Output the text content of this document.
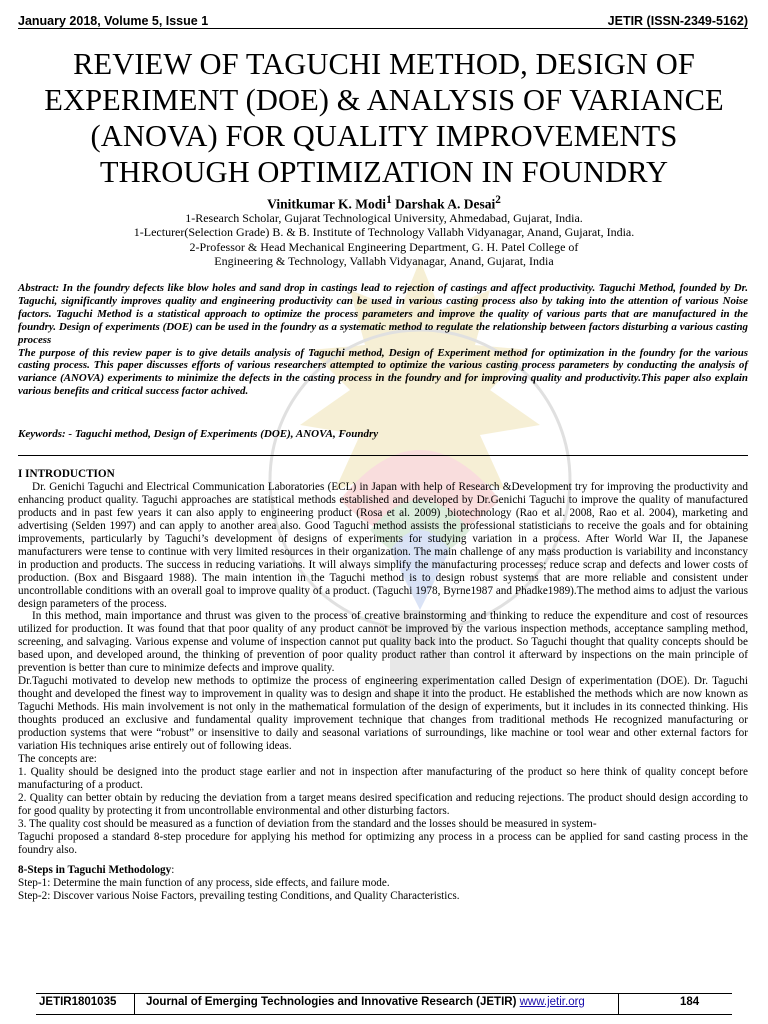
January 2018, Volume 5, Issue 1	JETIR (ISSN-2349-5162)
REVIEW OF TAGUCHI METHOD, DESIGN OF
EXPERIMENT (DOE) & ANALYSIS OF VARIANCE
(ANOVA) FOR QUALITY IMPROVEMENTS
THROUGH OPTIMIZATION IN FOUNDRY
Vinitkumar K. Modi$^1$ Darshak A. Desai$^2$
1-Research Scholar, Gujarat Technological University, Ahmedabad, Gujarat, India.
1-Lecturer(Selection Grade) B. & B. Institute of Technology Vallabh Vidyanagar, Anand, Gujarat, India.
2-Professor & Head Mechanical Engineering Department, G. H. Patel College of
Engineering & Technology, Vallabh Vidyanagar, Anand, Gujarat, India

Abstract: In the foundry defects like blow holes and sand drop in castings lead to rejection of castings and affect productivity. Taguchi Method, founded by Dr. Taguchi, significantly improves quality and engineering productivity can be used in various casting process also by taking into the attention of various Noise factors. Taguchi Method is a statistical approach to optimize the process parameters and improve the quality of various parts that are manufactured in the foundry. Design of experiments (DOE) can be used in the foundry as a systematic method to regulate the relationship between factors disturbing a various casting process

The purpose of this review paper is to give details analysis of Taguchi method, Design of Experiment method for optimization in the foundry for the various casting process. This paper discusses efforts of various researchers attempted to optimize the various casting process parameters by conducting the analysis of variance (ANOVA) experiments to minimize the defects in the casting process in the foundry and for improving quality and productivity.This paper also explain various benefits and critical success factor achived.

Keywords: - Taguchi method, Design of Experiments (DOE), ANOVA, Foundry

I INTRODUCTION

Dr. Genichi Taguchi and Electrical Communication Laboratories (ECL) in Japan with help of Research &Development try for improving the productivity and enhancing product quality. Taguchi approaches are statistical methods established and developed by Dr.Genichi Taguchi to improve the quality of manufactured products and in past few years it can also apply to engineering product (Rosa et al. 2009) ,biotechnology (Rao et al. 2008, Rao et al. 2004), marketing and advertising (Selden 1997) and can apply to another area also. Good Taguchi method assists the professional statisticians to receive the goals and for obtaining improvements, particularly by Taguchi’s development of designs of experiments for studying variation in a process. After World War II, the Japanese manufacturers were tense to continue with very limited resources in their organization. The main challenge of any mass production is variability and inconstancy in production and products. The success in reducing variations. It will always simplify the manufacturing processes; reduce scrap and defects and lower costs of production. (Box and Bisgaard 1988). The main intention in the Taguchi method is to design robust systems that are more reliable and consistent under uncontrollable conditions with an overall goal to improve quality of a product. (Taguchi 1978, Byrne1987 and Phadke1989).The method aims to adjust the various design parameters of the process.

In this method, main importance and thrust was given to the process of creative brainstorming and thinking to reduce the expenditure and cost of resources utilized for production. It was found that that poor quality of any product cannot be improved by the various inspection methods, acceptance sampling method, screening, and salvaging. Various expense and volume of inspection cannot put quality back into the product. So Taguchi thought that quality concepts should be based upon, and developed around, the thinking of prevention of poor quality product rather than control it afterward by inspections on the main principle of prevention is better than cure to minimize defects and improve quality.

Dr.Taguchi motivated to develop new methods to optimize the process of engineering experimentation called Design of experimentation (DOE). Dr. Taguchi thought and developed the finest way to improvement in quality was to design and shape it into the product. He established the methods which are now known as Taguchi Methods. His main involvement is not only in the mathematical formulation of the design of experiments, but it includes in its connected thinking. His thoughts produced an exclusive and fundamental quality improvement technique that changes from traditional methods He recognized manufacturing or production systems that were “robust” or insensitive to daily and seasonal variations of surroundings, like machine or tool wear and other external factors for variation His techniques arise entirely out of following ideas.

The concepts are:

1. Quality should be designed into the product stage earlier and not in inspection after manufacturing of the product so here think of quality concept before manufacturing of a product.

2. Quality can better obtain by reducing the deviation from a target means desired specification and reducing rejections. The product should design according to for good quality by protecting it from uncontrollable environmental and other disturbing factors.

3. The quality cost should be measured as a function of deviation from the standard and the losses should be measured in system-

Taguchi proposed a standard 8-step procedure for applying his method for optimizing any process in a process can be applied for sand casting process in the foundry also.

8-Steps in Taguchi Methodology:

Step-1: Determine the main function of any process, side effects, and failure mode.

Step-2: Discover various Noise Factors, prevailing testing Conditions, and Quality Characteristics.

JETIR1801035	Journal of Emerging Technologies and Innovative Research (JETIR) www.jetir.org	184
